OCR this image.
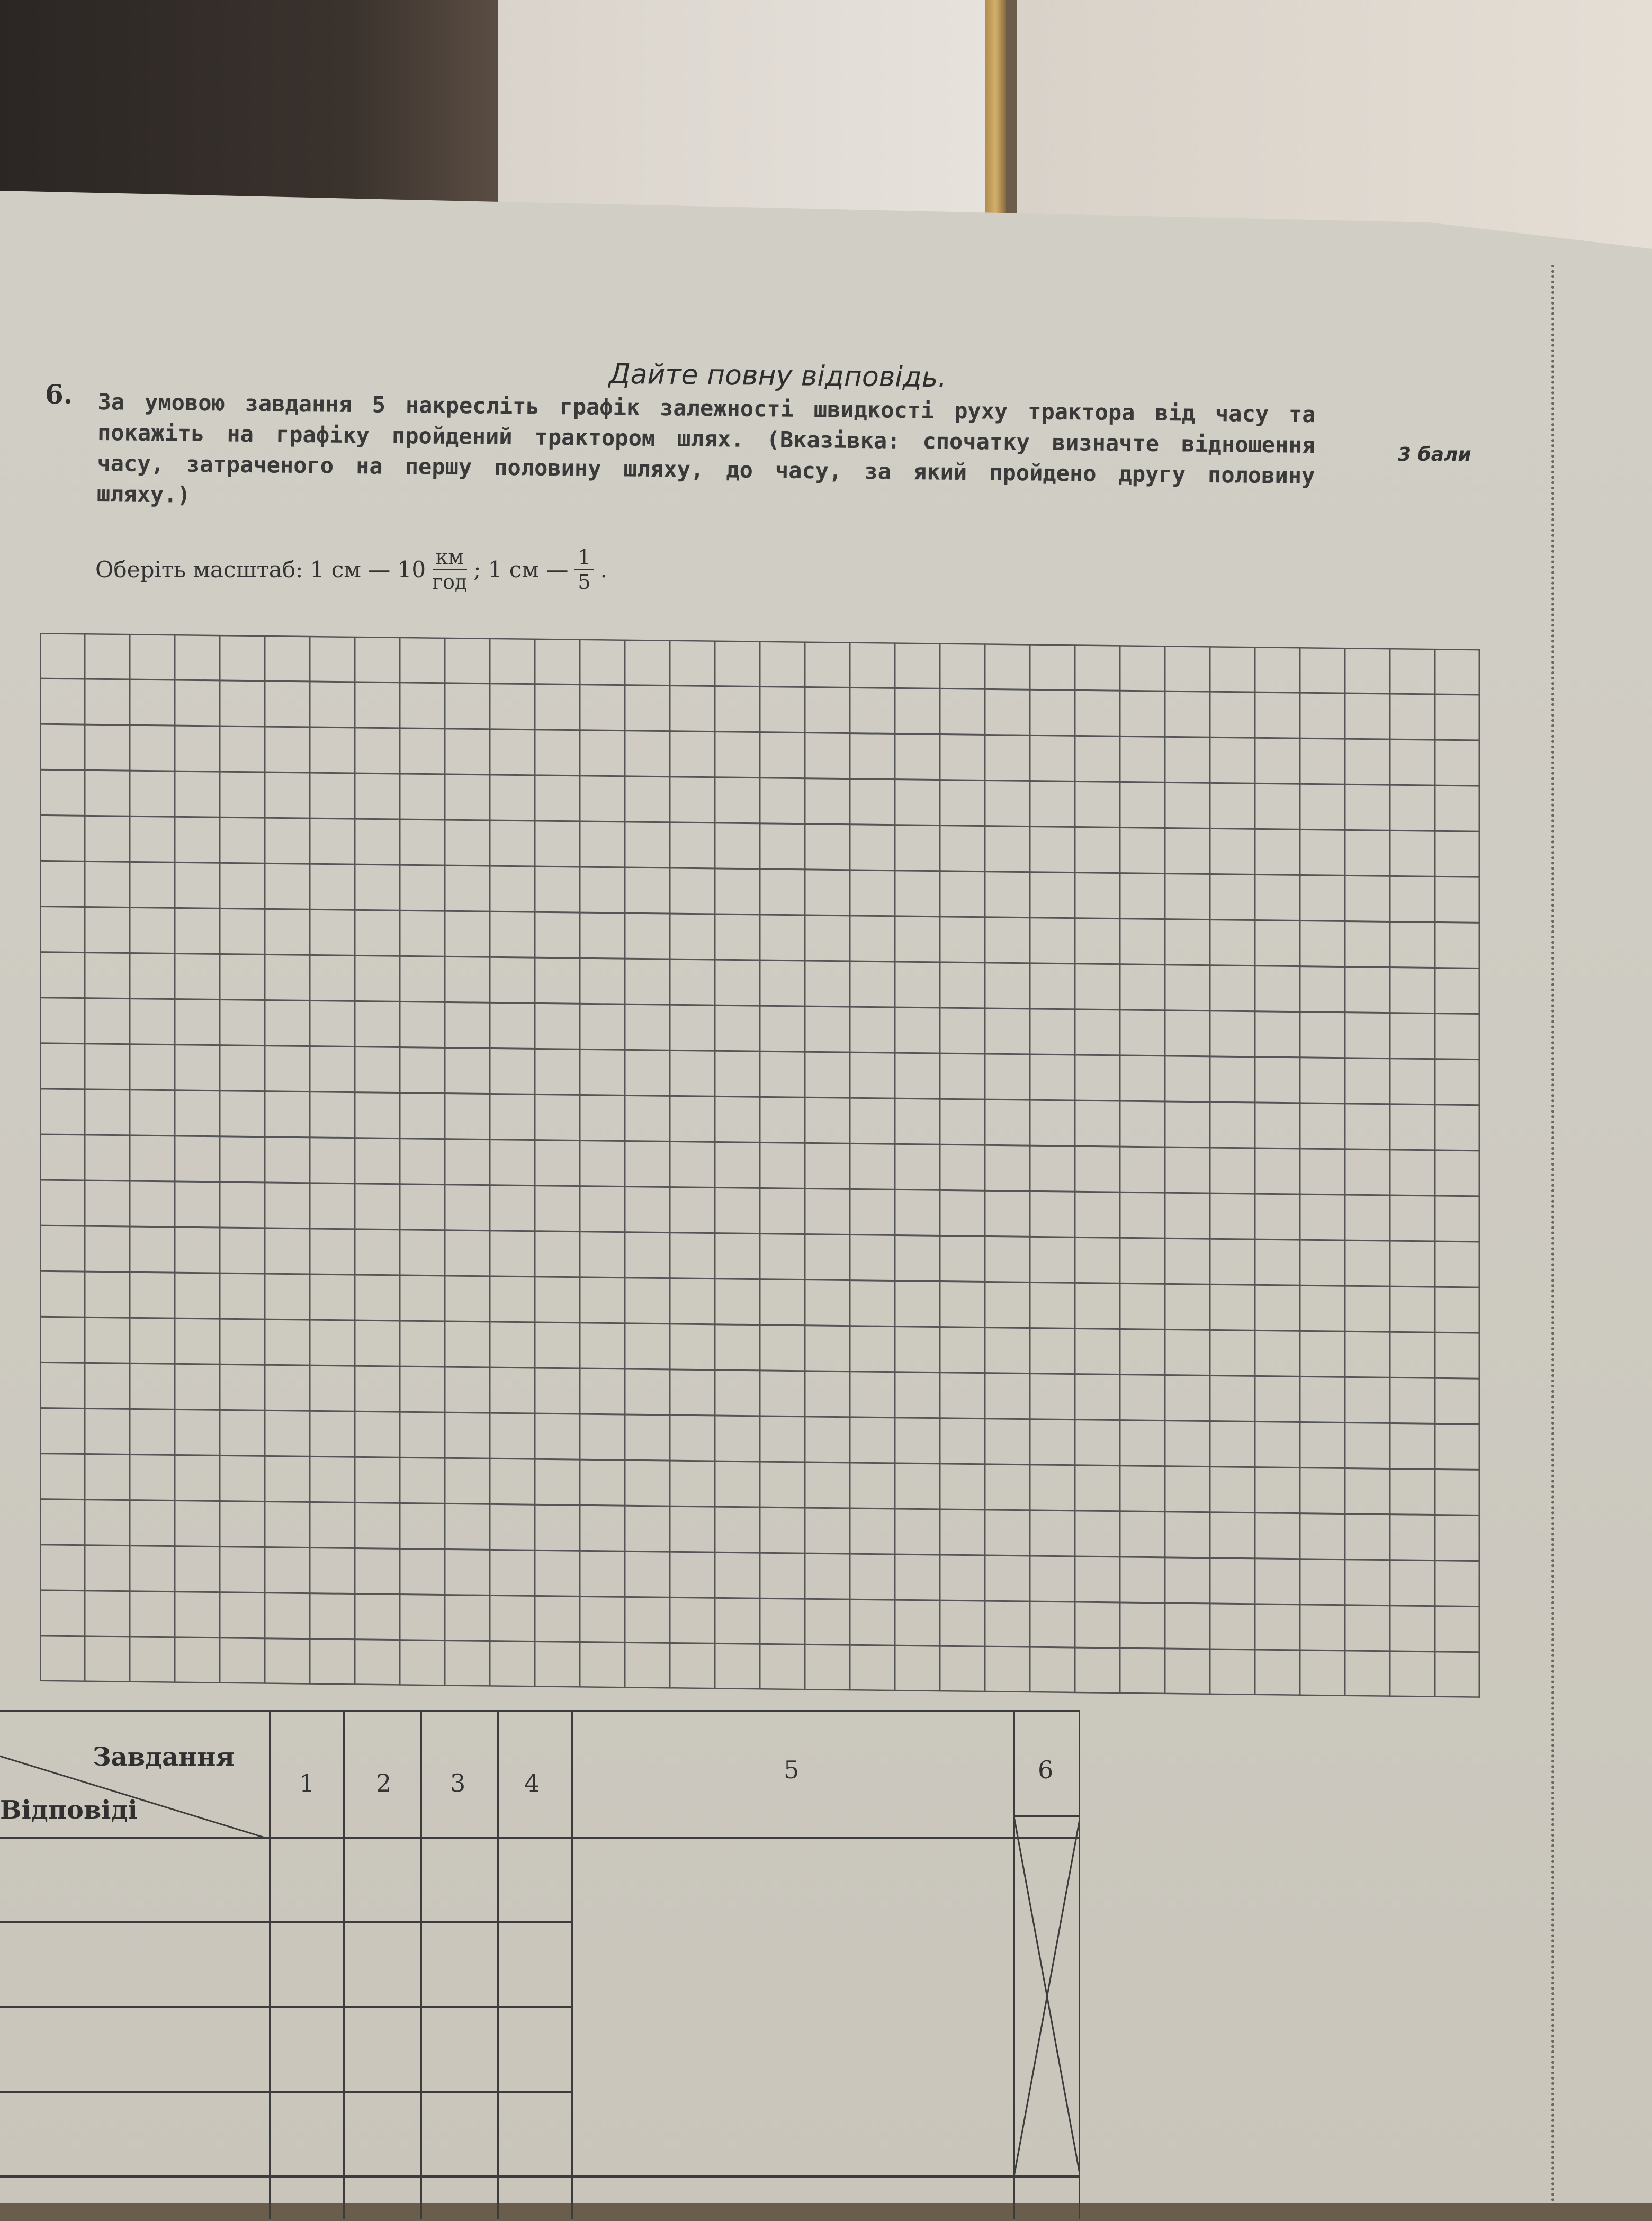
Дайте повну відповідь.
6. За умовою завдання 5 накресліть графік залежності швидкості руху трактора від часу та покажіть на графіку пройдений трактором шлях. (Вказівка: спочатку визначте відношення часу, затраченого на першу половину шляху, до часу, за який пройдено другу половину шляху.)
3 бали
Оберіть масштаб: 1 см — $10 \frac{км}{\text{год}}$ ; 1 см — $\frac{1}{5}$ .
Завдання
Відповіді
1	2 3 4	5	6
